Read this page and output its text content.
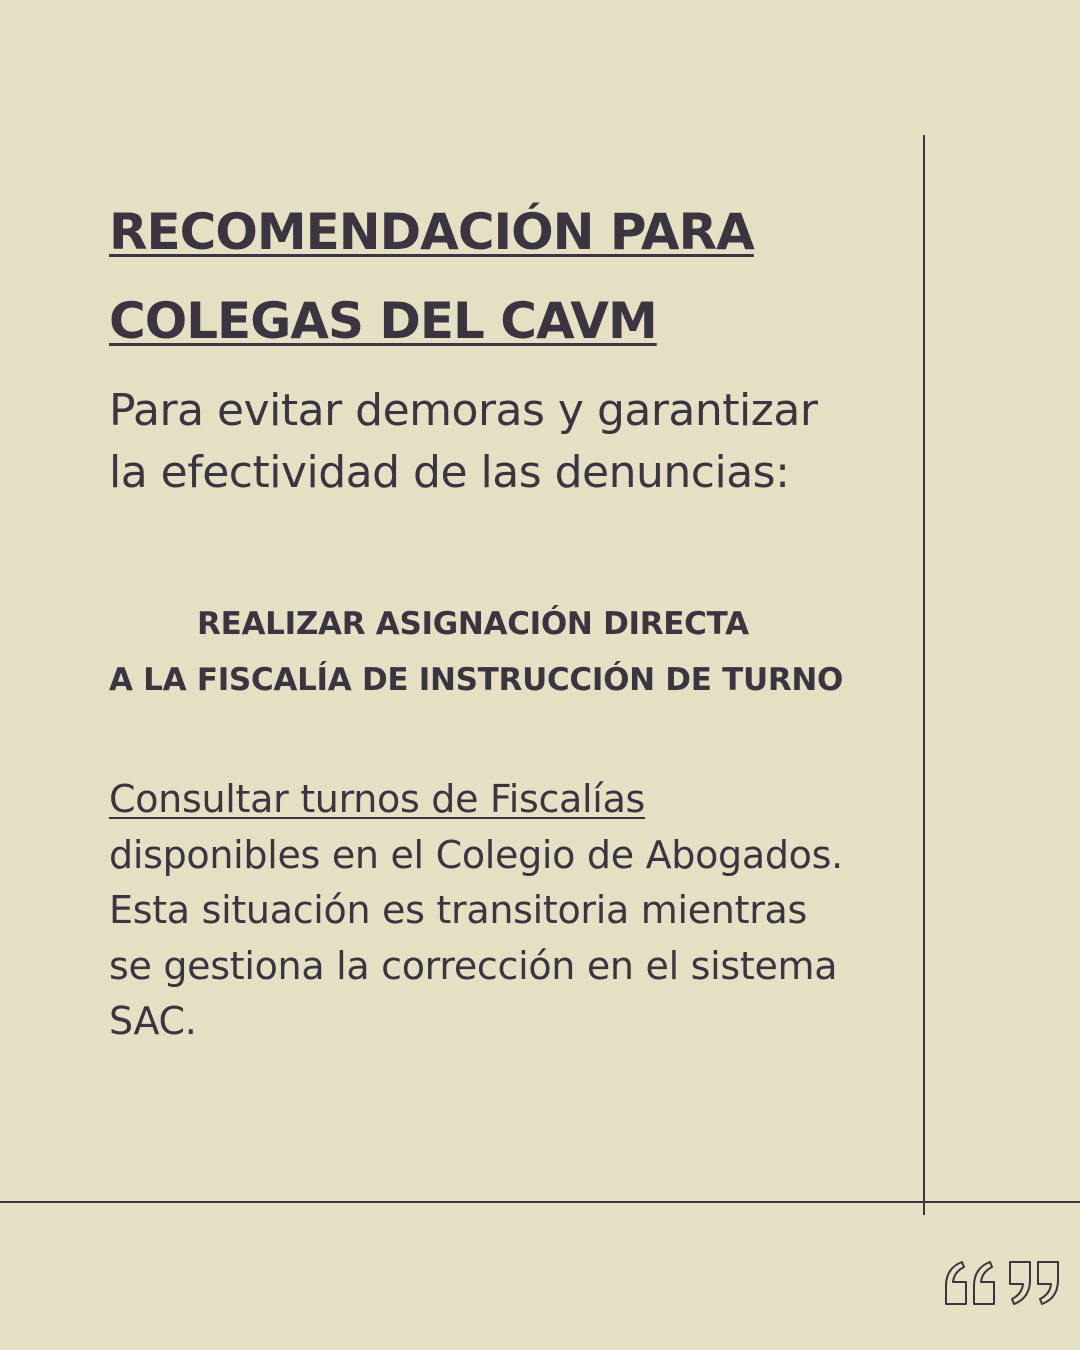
RECOMENDACIÓN PARA
COLEGAS DEL CAVM

Para evitar demoras y garantizar
la efectividad de las denuncias:

REALIZAR ASIGNACIÓN DIRECTA
A LA FISCALÍA DE INSTRUCCIÓN DE TURNO

Consultar turnos de Fiscalías
disponibles en el Colegio de Abogados.
Esta situación es transitoria mientras
se gestiona la corrección en el sistema
SAC.
